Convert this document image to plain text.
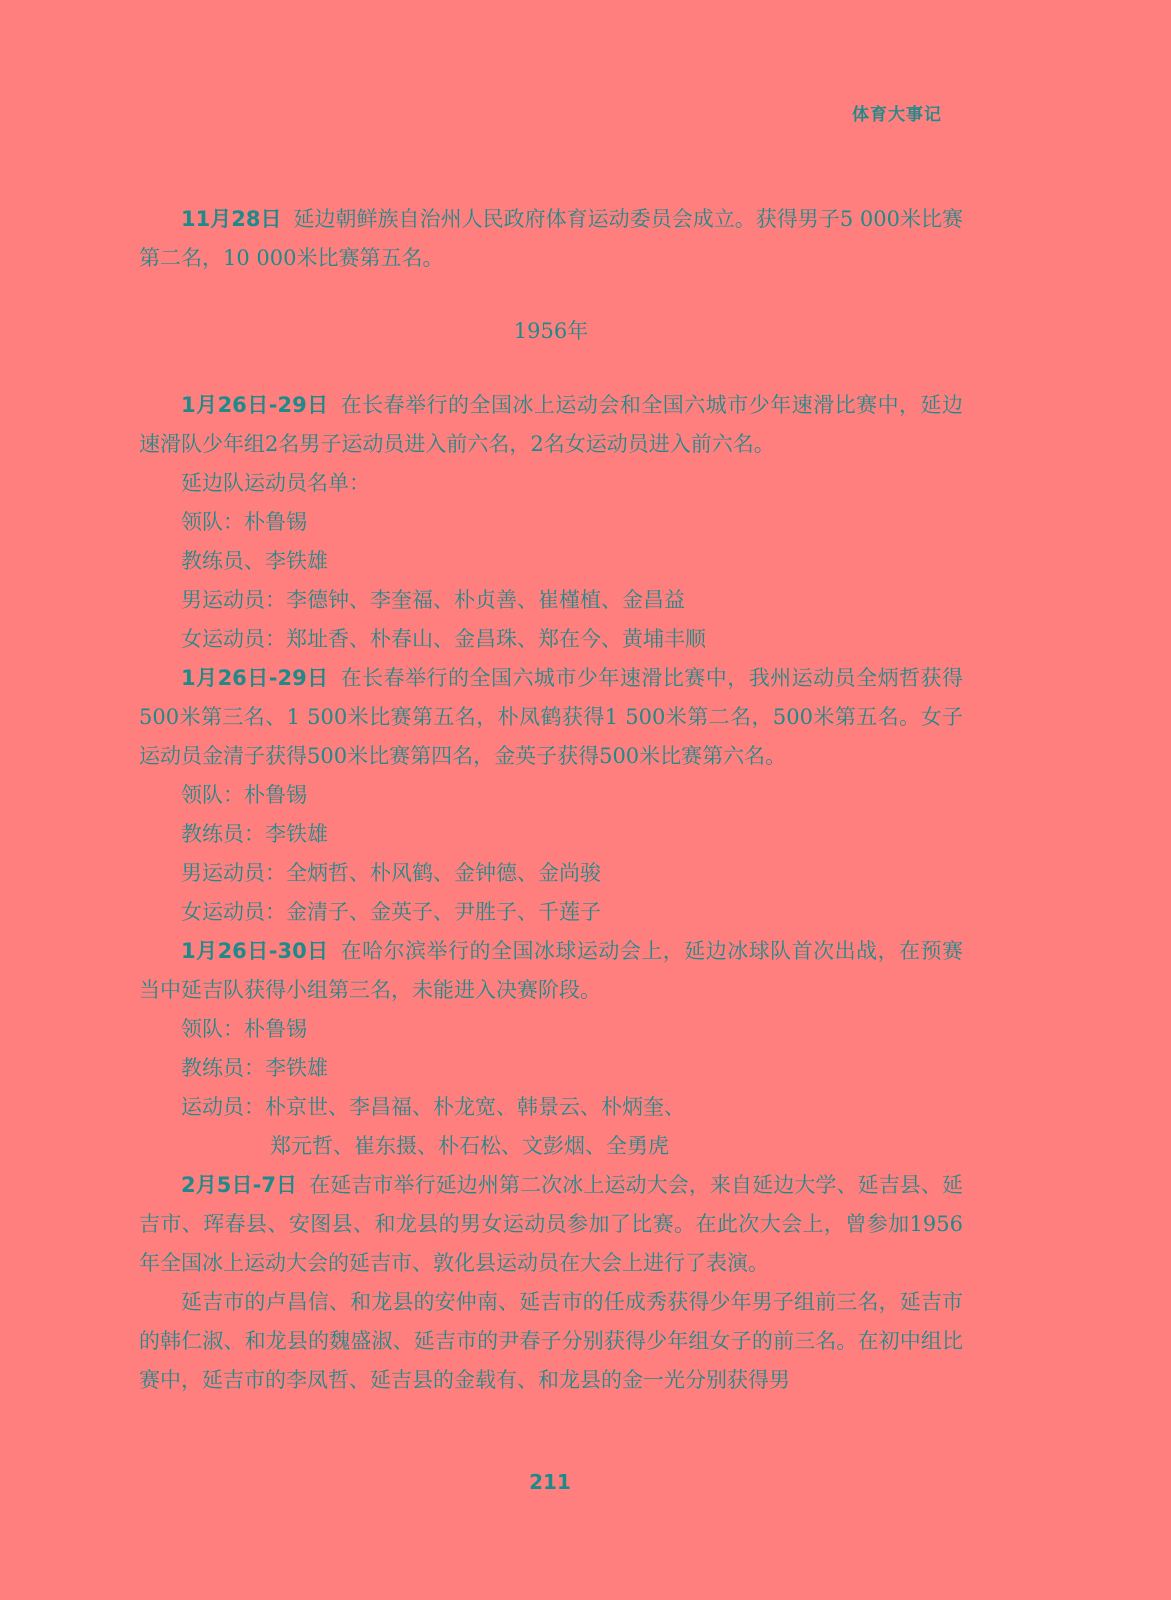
体育大事记

11月28日 延边朝鲜族自治州人民政府体育运动委员会成立。获得男子5 000米比赛第二名，10 000米比赛第五名。

1956年

1月26日-29日 在长春举行的全国冰上运动会和全国六城市少年速滑比赛中，延边速滑队少年组2名男子运动员进入前六名，2名女运动员进入前六名。

延边队运动员名单：

领队：朴鲁锡

教练员、李铁雄

男运动员：李德钟、李奎福、朴贞善、崔槿植、金昌益

女运动员：郑址香、朴春山、金昌珠、郑在今、黄埔丰顺

1月26日-29日 在长春举行的全国六城市少年速滑比赛中，我州运动员全炳哲获得500米第三名、1 500米比赛第五名，朴凤鹤获得1 500米第二名，500米第五名。女子运动员金清子获得500米比赛第四名，金英子获得500米比赛第六名。

领队：朴鲁锡

教练员：李铁雄

男运动员：全炳哲、朴风鹤、金钟德、金尚骏

女运动员：金清子、金英子、尹胜子、千莲子

1月26日-30日 在哈尔滨举行的全国冰球运动会上，延边冰球队首次出战，在预赛当中延吉队获得小组第三名，未能进入决赛阶段。

领队：朴鲁锡

教练员：李铁雄

运动员：朴京世、李昌福、朴龙宽、韩景云、朴炳奎、

郑元哲、崔东摄、朴石松、文彭烟、全勇虎

2月5日-7日 在延吉市举行延边州第二次冰上运动大会，来自延边大学、延吉县、延吉市、珲春县、安图县、和龙县的男女运动员参加了比赛。在此次大会上，曾参加1956年全国冰上运动大会的延吉市、敦化县运动员在大会上进行了表演。

延吉市的卢昌信、和龙县的安仲南、延吉市的任成秀获得少年男子组前三名，延吉市的韩仁淑、和龙县的魏盛淑、延吉市的尹春子分别获得少年组女子的前三名。在初中组比赛中，延吉市的李凤哲、延吉县的金载有、和龙县的金一光分别获得男

211
